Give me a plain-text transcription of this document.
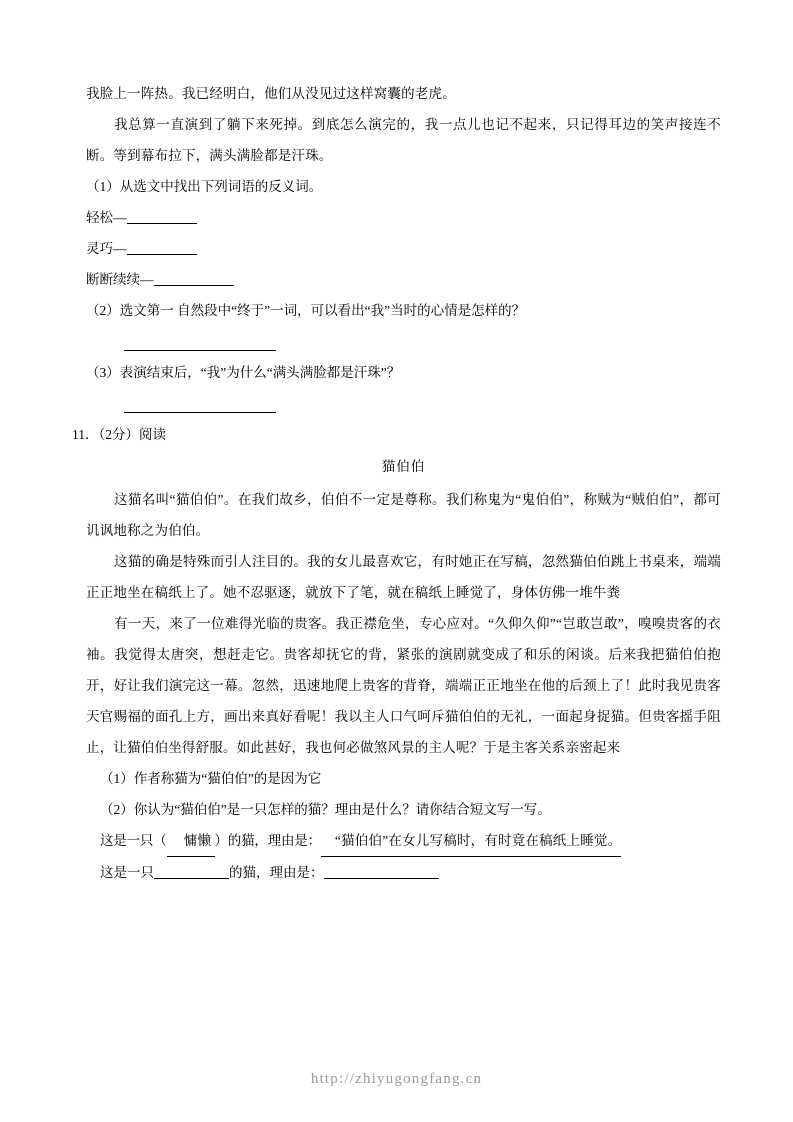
我脸上一阵热。我已经明白，他们从没见过这样窝囊的老虎。

我总算一直演到了躺下来死掉。到底怎么演完的，我一点儿也记不起来，只记得耳边的笑声接连不断。等到幕布拉下，满头满脸都是汗珠。

（1）从选文中找出下列词语的反义词。
轻松—
灵巧—
断断续续—
（2）选文第一 自然段中“终于”一词，可以看出“我”当时的心情是怎样的？
（3）表演结束后，“我”为什么“满头满脸都是汗珠”？
11．（2分）阅读
猫伯伯

这猫名叫“猫伯伯”。在我们故乡，伯伯不一定是尊称。我们称鬼为“鬼伯伯”，称贼为“贼伯伯”，都可讥讽地称之为伯伯。

这猫的确是特殊而引人注目的。我的女儿最喜欢它，有时她正在写稿，忽然猫伯伯跳上书桌来，端端正正地坐在稿纸上了。她不忍驱逐，就放下了笔，就在稿纸上睡觉了，身体仿佛一堆牛粪

有一天，来了一位难得光临的贵客。我正襟危坐，专心应对。“久仰久仰”“岂敢岂敢”，嗅嗅贵客的衣袖。我觉得太唐突，想赶走它。贵客却抚它的背，紧张的演剧就变成了和乐的闲谈。后来我把猫伯伯抱开，好让我们演完这一幕。忽然，迅速地爬上贵客的背脊，端端正正地坐在他的后颈上了！此时我见贵客天官赐福的面孔上方，画出来真好看呢！我以主人口气呵斥猫伯伯的无礼，一面起身捉猫。但贵客摇手阻止，让猫伯伯坐得舒服。如此甚好，我也何必做煞风景的主人呢？于是主客关系亲密起来

（1）作者称猫为“猫伯伯”的是因为它
（2）你认为“猫伯伯”是一只怎样的猫？理由是什么？请你结合短文写一写。
这是一只（ 慵懒 ）的猫，理由是： “猫伯伯”在女儿写稿时，有时竟在稿纸上睡觉。
这是一只	的猫，理由是：
http://zhiyugongfang.cn
